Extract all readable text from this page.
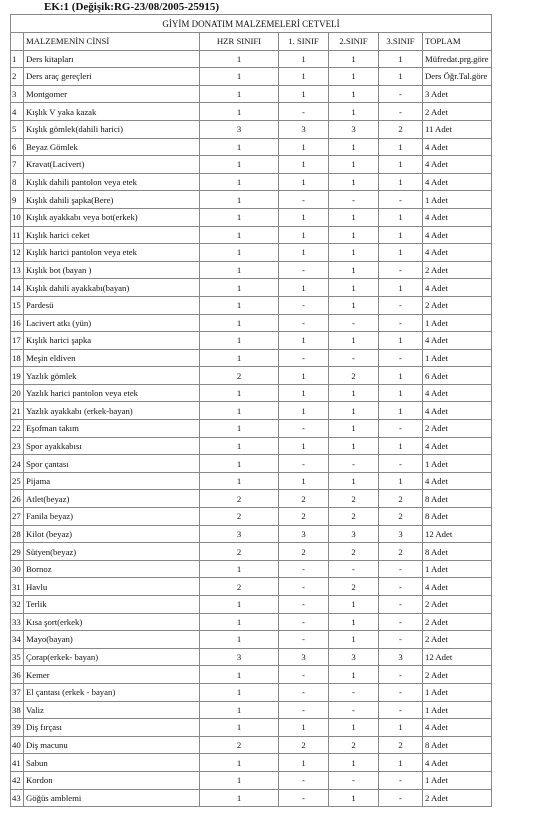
EK:1 (Değişik:RG-23/08/2005-25915)
GİYİM DONATIM MALZEMELERİ CETVELİ						
	MALZEMENİN CİNSİ	HZR SINIFI	1. SINIF	2.SINIF	3.SINIF	TOPLAM
1	Ders kitapları	1	1	1	1	Müfredat.prg.göre
2	Ders araç gereçleri	1	1	1	1	Ders Öğr.Tal.göre
3	Montgomer	1	1	1	-	3 Adet
4	Kışlık V yaka kazak	1	-	1	-	2 Adet
5	Kışlık gömlek(dahili harici)	3	3	3	2	11 Adet
6	Beyaz Gömlek	1	1	1	1	4 Adet
7	Kravat(Lacivert)	1	1	1	1	4 Adet
8	Kışlık dahili pantolon veya etek	1	1	1	1	4 Adet
9	Kışlık dahili şapka(Bere)	1	-	-	-	1 Adet
10	Kışlık ayakkabı veya bot(erkek)	1	1	1	1	4 Adet
11	Kışlık harici ceket	1	1	1	1	4 Adet
12	Kışlık harici pantolon veya etek	1	1	1	1	4 Adet
13	Kışlık bot (bayan )	1	-	1	-	2 Adet
14	Kışlık dahili ayakkabı(bayan)	1	1	1	1	4 Adet
15	Pardesü	1	-	1	-	2 Adet
16	Lacivert atkı (yün)	1	-	-	-	1 Adet
17	Kışlık harici şapka	1	1	1	1	4 Adet
18	Meşin eldiven	1	-	-	-	1 Adet
19	Yazlık gömlek	2	1	2	1	6 Adet
20	Yazlık harici pantolon veya etek	1	1	1	1	4 Adet
21	Yazlık ayakkabı (erkek-bayan)	1	1	1	1	4 Adet
22	Eşofman takım	1	-	1	-	2 Adet
23	Spor ayakkabısı	1	1	1	1	4 Adet
24	Spor çantası	1	-	-	-	1 Adet
25	Pijama	1	1	1	1	4 Adet
26	Atlet(beyaz)	2	2	2	2	8 Adet
27	Fanila beyaz)	2	2	2	2	8 Adet
28	Kilot (beyaz)	3	3	3	3	12 Adet
29	Sütyen(beyaz)	2	2	2	2	8 Adet
30	Bornoz	1	-	-	-	1 Adet
31	Havlu	2	-	2	-	4 Adet
32	Terlik	1	-	1	-	2 Adet
33	Kısa şort(erkek)	1	-	1	-	2 Adet
34	Mayo(bayan)	1	-	1	-	2 Adet
35	Çorap(erkek- bayan)	3	3	3	3	12 Adet
36	Kemer	1	-	1	-	2 Adet
37	El çantası (erkek - bayan)	1	-	-	-	1 Adet
38	Valiz	1	-	-	-	1 Adet
39	Diş fırçası	1	1	1	1	4 Adet
40	Diş macunu	2	2	2	2	8 Adet
41	Sabun	1	1	1	1	4 Adet
42	Kordon	1	-	-	-	1 Adet
43	Göğüs amblemi	1	-	1	-	2 Adet
